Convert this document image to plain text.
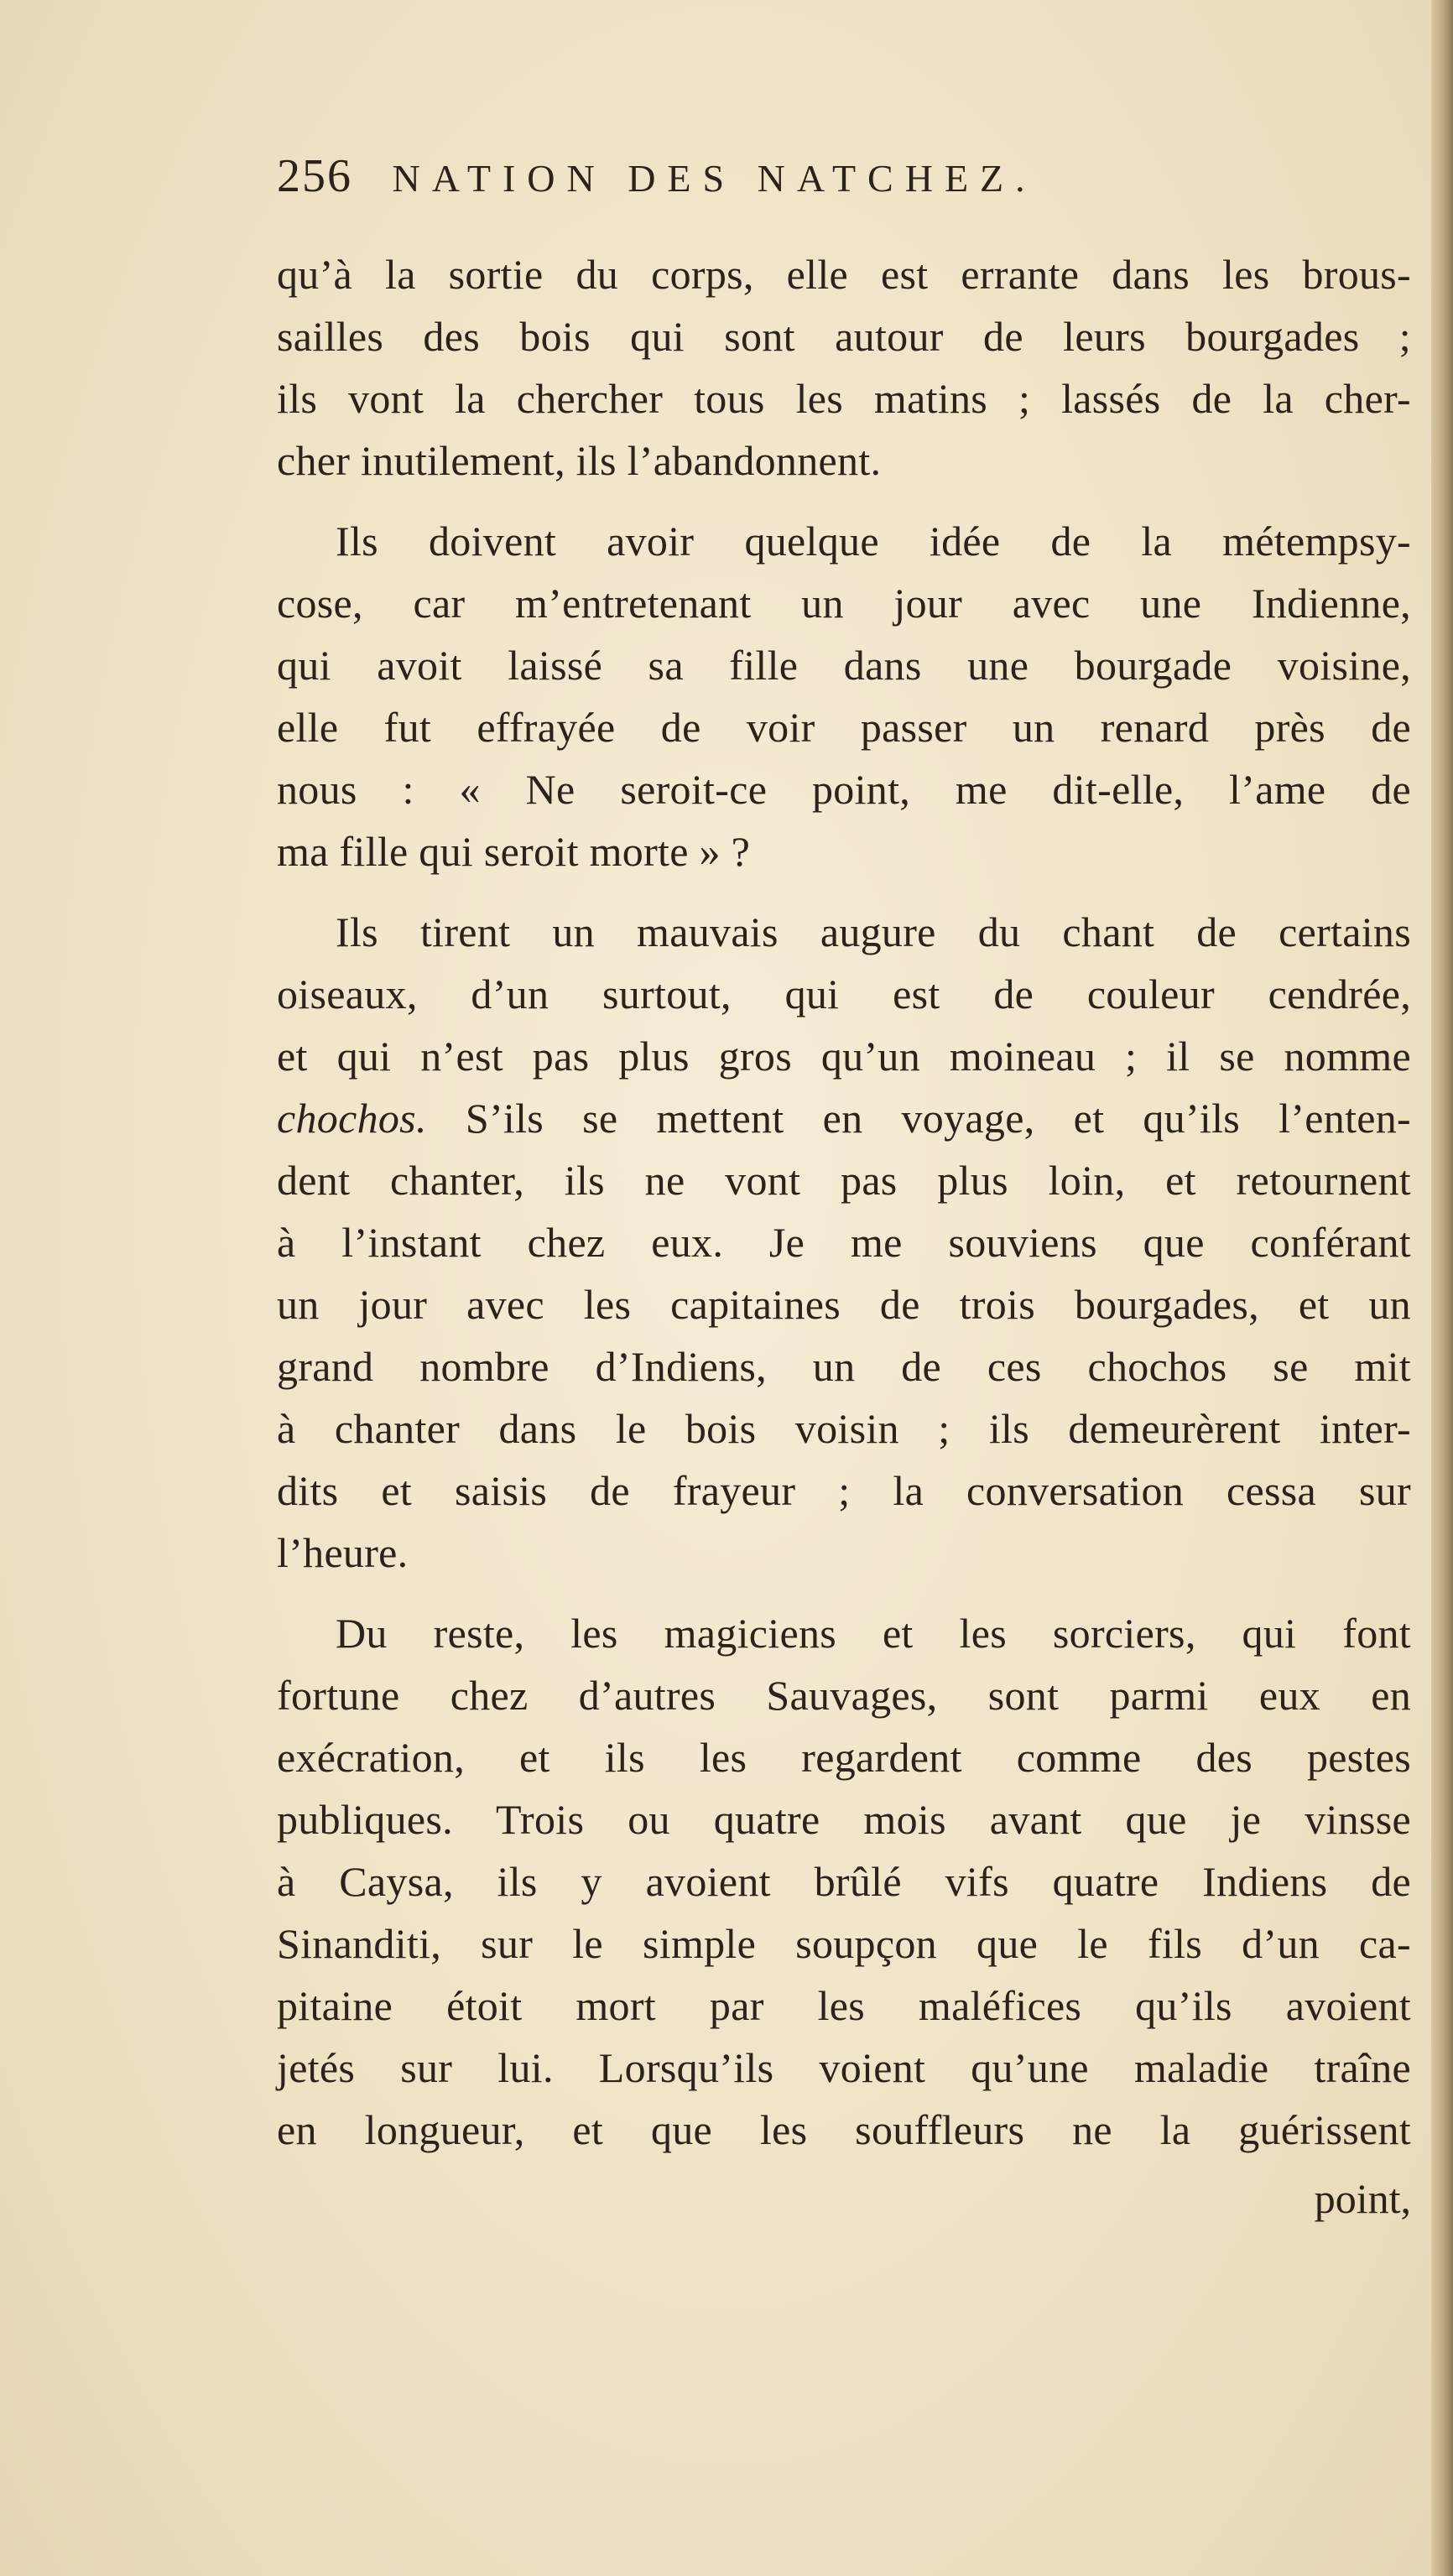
256 NATION DES NATCHEZ.
qu’à la sortie du corps, elle est errante dans les brous-
sailles des bois qui sont autour de leurs bourgades ;
ils vont la chercher tous les matins ; lassés de la cher-
cher inutilement, ils l’abandonnent.
Ils doivent avoir quelque idée de la métempsy-
cose, car m’entretenant un jour avec une Indienne,
qui avoit laissé sa fille dans une bourgade voisine,
elle fut effrayée de voir passer un renard près de
nous : « Ne seroit-ce point, me dit-elle, l’ame de
ma fille qui seroit morte » ?
Ils tirent un mauvais augure du chant de certains
oiseaux, d’un surtout, qui est de couleur cendrée,
et qui n’est pas plus gros qu’un moineau ; il se nomme
chochos. S’ils se mettent en voyage, et qu’ils l’enten-
dent chanter, ils ne vont pas plus loin, et retournent
à l’instant chez eux. Je me souviens que conférant
un jour avec les capitaines de trois bourgades, et un
grand nombre d’Indiens, un de ces chochos se mit
à chanter dans le bois voisin ; ils demeurèrent inter-
dits et saisis de frayeur ; la conversation cessa sur
l’heure.
Du reste, les magiciens et les sorciers, qui font
fortune chez d’autres Sauvages, sont parmi eux en
exécration, et ils les regardent comme des pestes
publiques. Trois ou quatre mois avant que je vinsse
à Caysa, ils y avoient brûlé vifs quatre Indiens de
Sinanditi, sur le simple soupçon que le fils d’un ca-
pitaine étoit mort par les maléfices qu’ils avoient
jetés sur lui. Lorsqu’ils voient qu’une maladie traîne
en longueur, et que les souffleurs ne la guérissent
point,
